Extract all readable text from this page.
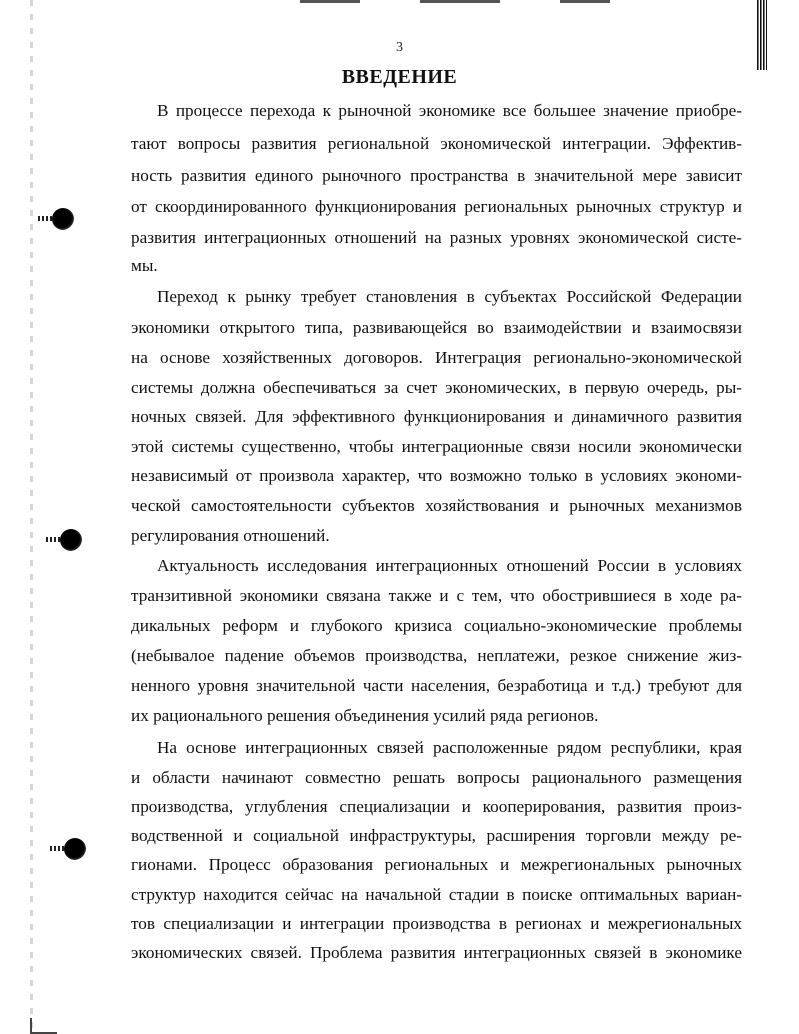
3
ВВЕДЕНИЕ
В процессе перехода к рыночной экономике все большее значение приобре-
тают вопросы развития региональной экономической интеграции. Эффектив-
ность развития единого рыночного пространства в значительной мере зависит
от скоординированного функционирования региональных рыночных структур и
развития интеграционных отношений на разных уровнях экономической систе-
мы.
Переход к рынку требует становления в субъектах Российской Федерации
экономики открытого типа, развивающейся во взаимодействии и взаимосвязи
на основе хозяйственных договоров. Интеграция регионально-экономической
системы должна обеспечиваться за счет экономических, в первую очередь, ры-
ночных связей. Для эффективного функционирования и динамичного развития
этой системы существенно, чтобы интеграционные связи носили экономически
независимый от произвола характер, что возможно только в условиях экономи-
ческой самостоятельности субъектов хозяйствования и рыночных механизмов
регулирования отношений.
Актуальность исследования интеграционных отношений России в условиях
транзитивной экономики связана также и с тем, что обострившиеся в ходе ра-
дикальных реформ и глубокого кризиса социально-экономические проблемы
(небывалое падение объемов производства, неплатежи, резкое снижение жиз-
ненного уровня значительной части населения, безработица и т.д.) требуют для
их рационального решения объединения усилий ряда регионов.
На основе интеграционных связей расположенные рядом республики, края
и области начинают совместно решать вопросы рационального размещения
производства, углубления специализации и кооперирования, развития произ-
водственной и социальной инфраструктуры, расширения торговли между ре-
гионами. Процесс образования региональных и межрегиональных рыночных
структур находится сейчас на начальной стадии в поиске оптимальных вариан-
тов специализации и интеграции производства в регионах и межрегиональных
экономических связей. Проблема развития интеграционных связей в экономике
